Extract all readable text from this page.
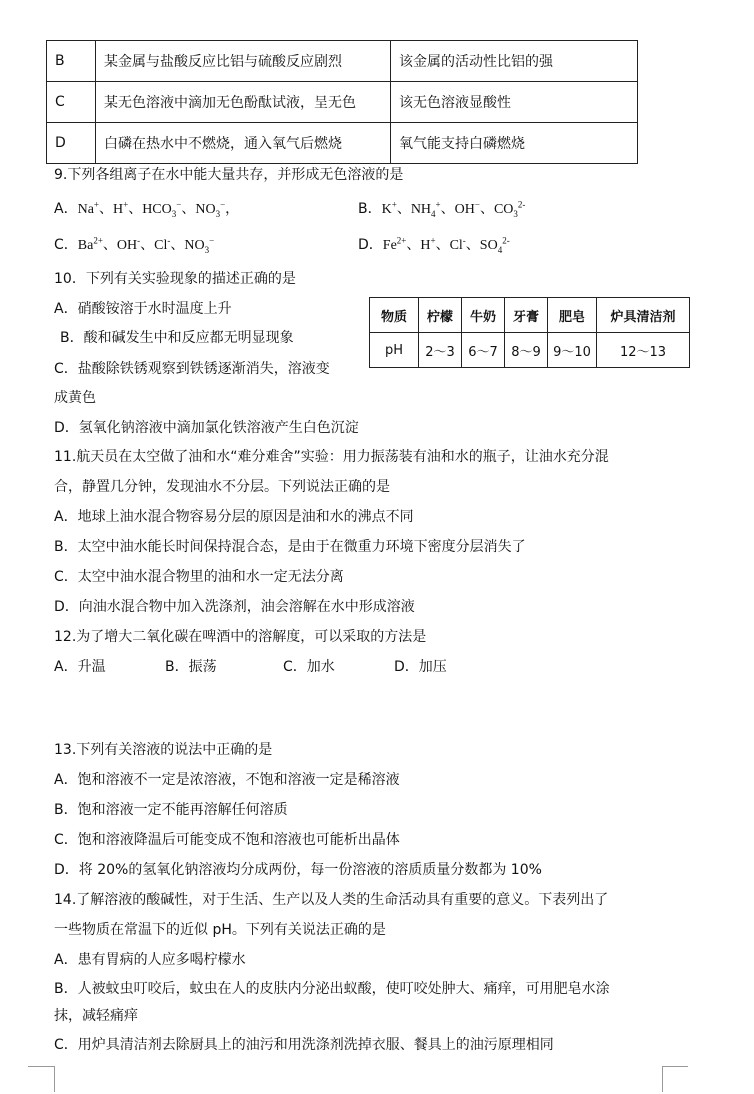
B	某金属与盐酸反应比铝与硫酸反应剧烈	该金属的活动性比铝的强
C	某无色溶液中滴加无色酚酞试液，呈无色	该无色溶液显酸性
D	白磷在热水中不燃烧，通入氧气后燃烧	氧气能支持白磷燃烧
9.下列各组离子在水中能大量共存，并形成无色溶液的是
A．Na+、H+、$HCO_3^-$、$NO_3^-$，	B．K+、$NH_4^+$、OH−、$CO_3^{2-}$
C．$Ba^{2+}$、OH-、Cl-、$NO_3^-$	D．$Fe^{2+}$、H+、Cl-、$SO_4^{2-}$
10．下列有关实验现象的描述正确的是
A．硝酸铵溶于水时温度上升
B．酸和碱发生中和反应都无明显现象
C．盐酸除铁锈观察到铁锈逐渐消失，溶液变
成黄色
D．氢氧化钠溶液中滴加氯化铁溶液产生白色沉淀
物质	柠檬	牛奶	牙膏	肥皂	炉具清洁剂
pH	2～3	6～7	8～9	9～10	12～13
11.航天员在太空做了油和水“难分难舍”实验：用力振荡装有油和水的瓶子，让油水充分混
合，静置几分钟，发现油水不分层。下列说法正确的是
A．地球上油水混合物容易分层的原因是油和水的沸点不同
B．太空中油水能长时间保持混合态，是由于在微重力环境下密度分层消失了
C．太空中油水混合物里的油和水一定无法分离
D．向油水混合物中加入洗涤剂，油会溶解在水中形成溶液
12.为了增大二氧化碳在啤酒中的溶解度，可以采取的方法是
A．升温	B．振荡	C．加水	D．加压
13.下列有关溶液的说法中正确的是
A．饱和溶液不一定是浓溶液，不饱和溶液一定是稀溶液
B．饱和溶液一定不能再溶解任何溶质
C．饱和溶液降温后可能变成不饱和溶液也可能析出晶体
D．将 20%的氢氧化钠溶液均分成两份，每一份溶液的溶质质量分数都为 10%
14.了解溶液的酸碱性，对于生活、生产以及人类的生命活动具有重要的意义。下表列出了
一些物质在常温下的近似 pH。下列有关说法正确的是
A．患有胃病的人应多喝柠檬水
B．人被蚊虫叮咬后，蚊虫在人的皮肤内分泌出蚁酸，使叮咬处肿大、痛痒，可用肥皂水涂
抹，减轻痛痒
C．用炉具清洁剂去除厨具上的油污和用洗涤剂洗掉衣服、餐具上的油污原理相同
